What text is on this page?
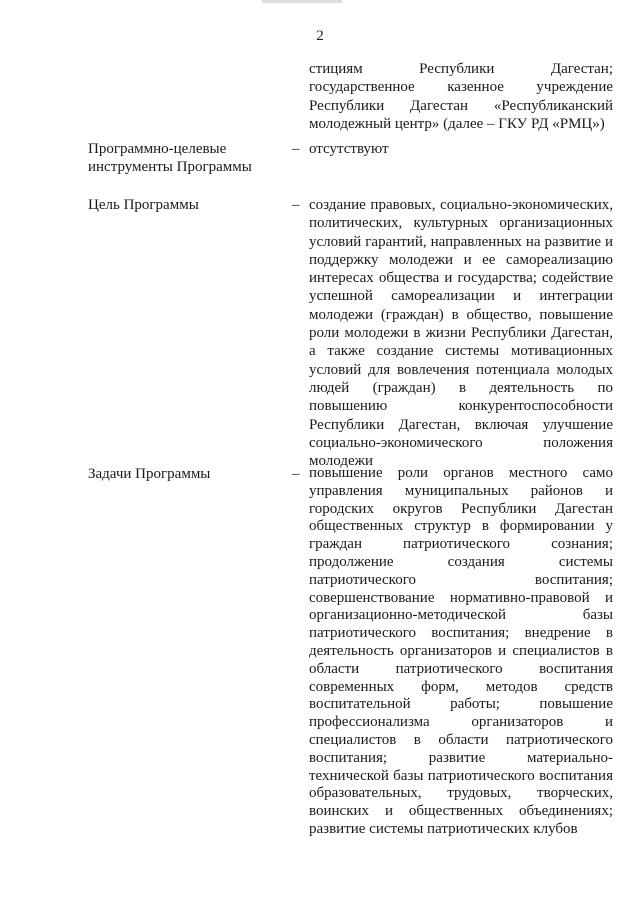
2
стициям Республики Дагестан; государственное казенное учреждение Республики Дагестан «Республиканский молодежный центр» (далее – ГКУ РД «РМЦ»)
Программно-целевые
инструменты Программы
– отсутствуют
Цель Программы	– создание правовых, социально-экономических, политических, культурных организационных условий гарантий, направленных на развитие и поддержку молодежи и ее самореализацию интересах общества и государства; содействие успешной самореализации и интеграции молодежи (граждан) в общество, повышение роли молодежи в жизни Республики Дагестан, а также создание системы мотивационных условий для вовлечения потенциала молодых людей (граждан) в деятельность по повышению конкурентоспособности Республики Дагестан, включая улучшение социально-экономического положения молодежи
Задачи Программы	– повышение роли органов местного само управления муниципальных районов и городских округов Республики Дагестан общественных структур в формировании у граждан патриотического сознания; продолжение создания системы патриотического воспитания; совершенствование нормативно-правовой и организационно-методической базы патриотического воспитания; внедрение в деятельность организаторов и специалистов в области патриотического воспитания современных форм, методов средств воспитательной работы; повышение профессионализма организаторов и специалистов в области патриотического воспитания; развитие материально-технической базы патриотического воспитания образовательных, трудовых, творческих, воинских и общественных объединениях; развитие системы патриотических клубов
